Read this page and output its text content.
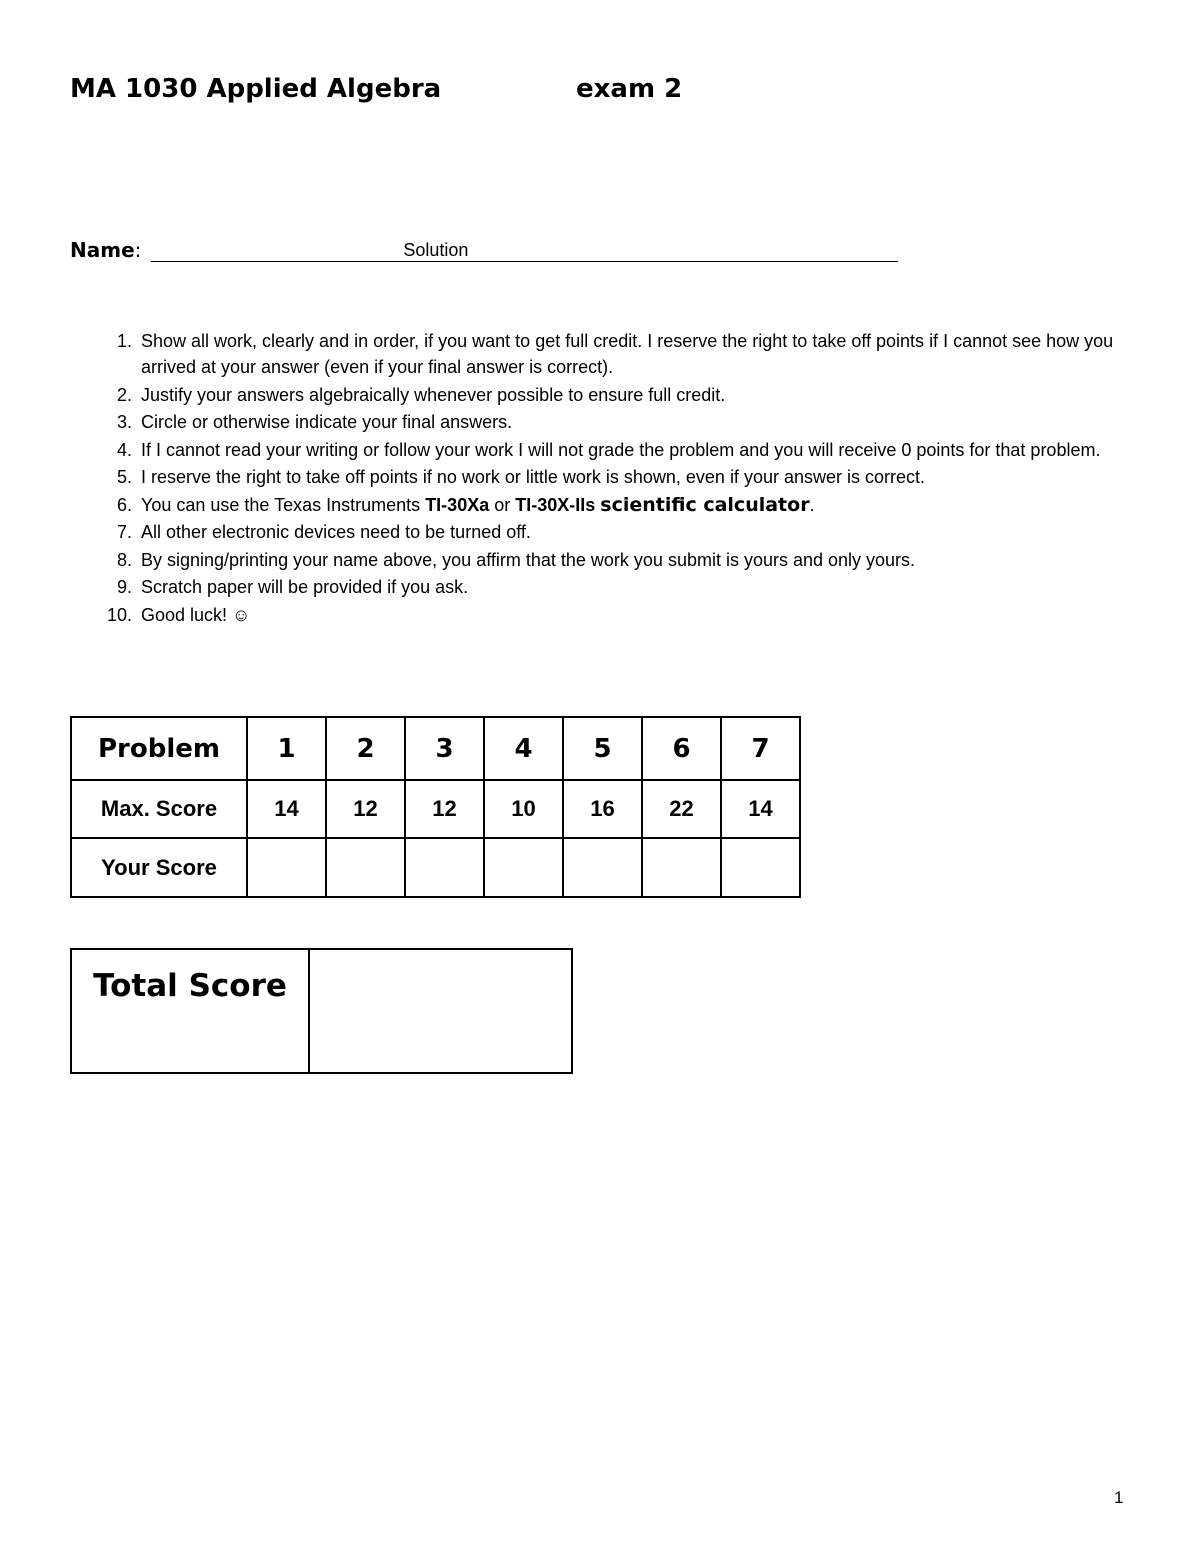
MA 1030 Applied Algebra	exam 2
Name :	Solution
1. Show all work, clearly and in order, if you want to get full credit. I reserve the right to take off points if I cannot see how you arrived at your answer (even if your final answer is correct).
2. Justify your answers algebraically whenever possible to ensure full credit.
3. Circle or otherwise indicate your final answers.
4. If I cannot read your writing or follow your work I will not grade the problem and you will receive 0 points for that problem.
5. I reserve the right to take off points if no work or little work is shown, even if your answer is correct.
6. You can use the Texas Instruments TI-30Xa or TI-30X-IIs scientific calculator.
7. All other electronic devices need to be turned off.
8. By signing/printing your name above, you affirm that the work you submit is yours and only yours.
9. Scratch paper will be provided if you ask.
10. Good luck! ☺
Problem	1	2	3	4	5	6	7
Max. Score	14	12	12	10	16	22	14
Your Score							
Total Score	
1
